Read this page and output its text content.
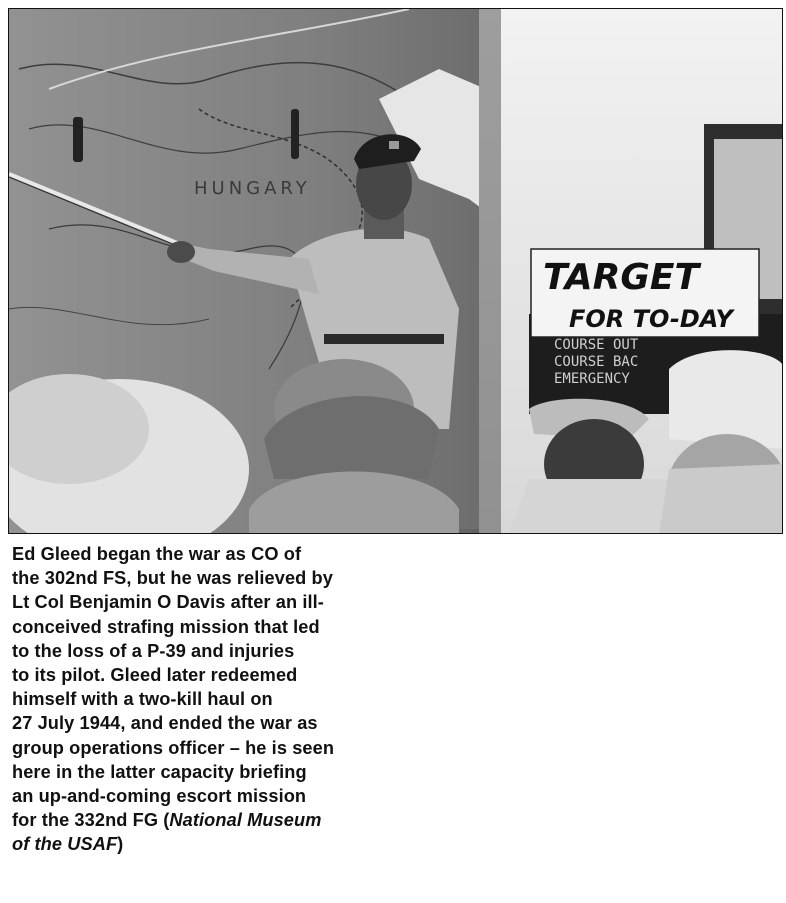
HUNGARY
COURSE OUT
COURSE BAC
EMERGENCY
TARGET
FOR TO-DAY
Ed Gleed began the war as CO of
the 302nd FS, but he was relieved by
Lt Col Benjamin O Davis after an ill-
conceived strafing mission that led
to the loss of a P-39 and injuries
to its pilot. Gleed later redeemed
himself with a two-kill haul on
27 July 1944, and ended the war as
group operations officer – he is seen
here in the latter capacity briefing
an up-and-coming escort mission
for the 332nd FG (National Museum
of the USAF)
